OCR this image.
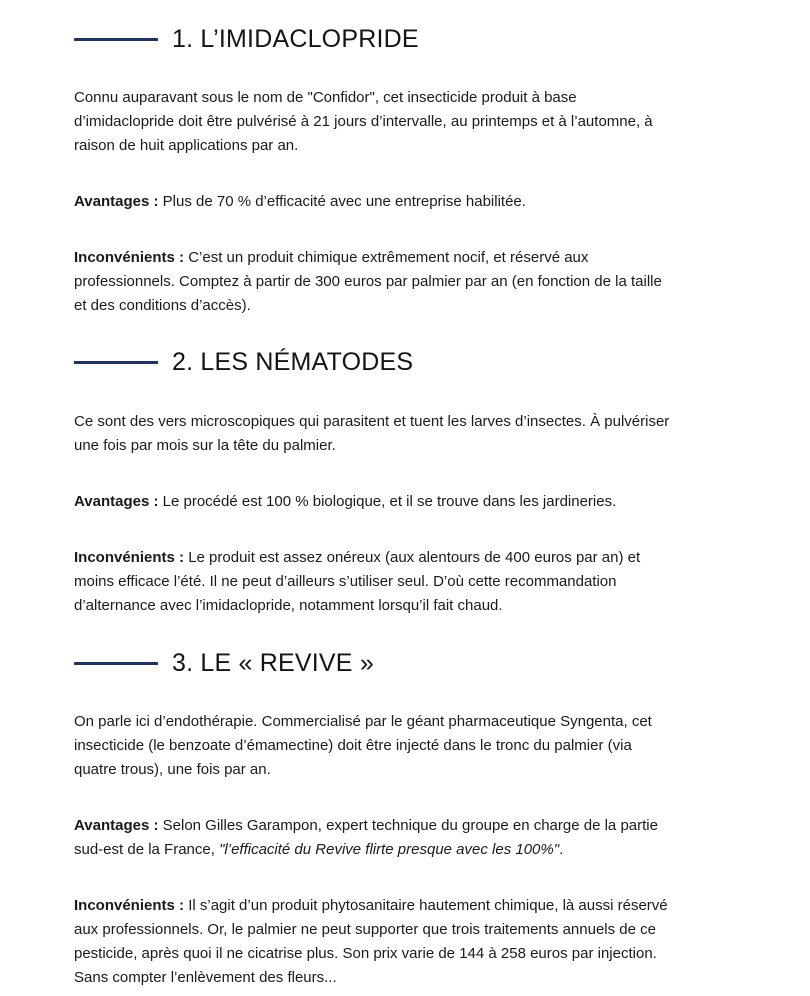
1. L’IMIDACLOPRIDE

Connu auparavant sous le nom de "Confidor", cet insecticide produit à base d’imidaclopride doit être pulvérisé à 21 jours d’intervalle, au printemps et à l’automne, à raison de huit applications par an.

Avantages : Plus de 70 % d’efficacité avec une entreprise habilitée.

Inconvénients : C’est un produit chimique extrêmement nocif, et réservé aux professionnels. Comptez à partir de 300 euros par palmier par an (en fonction de la taille et des conditions d’accès).

2. LES NÉMATODES

Ce sont des vers microscopiques qui parasitent et tuent les larves d’insectes. À pulvériser une fois par mois sur la tête du palmier.

Avantages : Le procédé est 100 % biologique, et il se trouve dans les jardineries.

Inconvénients : Le produit est assez onéreux (aux alentours de 400 euros par an) et moins efficace l’été. Il ne peut d’ailleurs s’utiliser seul. D’où cette recommandation d’alternance avec l’imidaclopride, notamment lorsqu’il fait chaud.

3. LE « REVIVE »

On parle ici d’endothérapie. Commercialisé par le géant pharmaceutique Syngenta, cet insecticide (le benzoate d’émamectine) doit être injecté dans le tronc du palmier (via quatre trous), une fois par an.

Avantages : Selon Gilles Garampon, expert technique du groupe en charge de la partie sud-est de la France, "l’efficacité du Revive flirte presque avec les 100%".

Inconvénients : Il s’agit d’un produit phytosanitaire hautement chimique, là aussi réservé aux professionnels. Or, le palmier ne peut supporter que trois traitements annuels de ce pesticide, après quoi il ne cicatrise plus. Son prix varie de 144 à 258 euros par injection. Sans compter l’enlèvement des fleurs...
